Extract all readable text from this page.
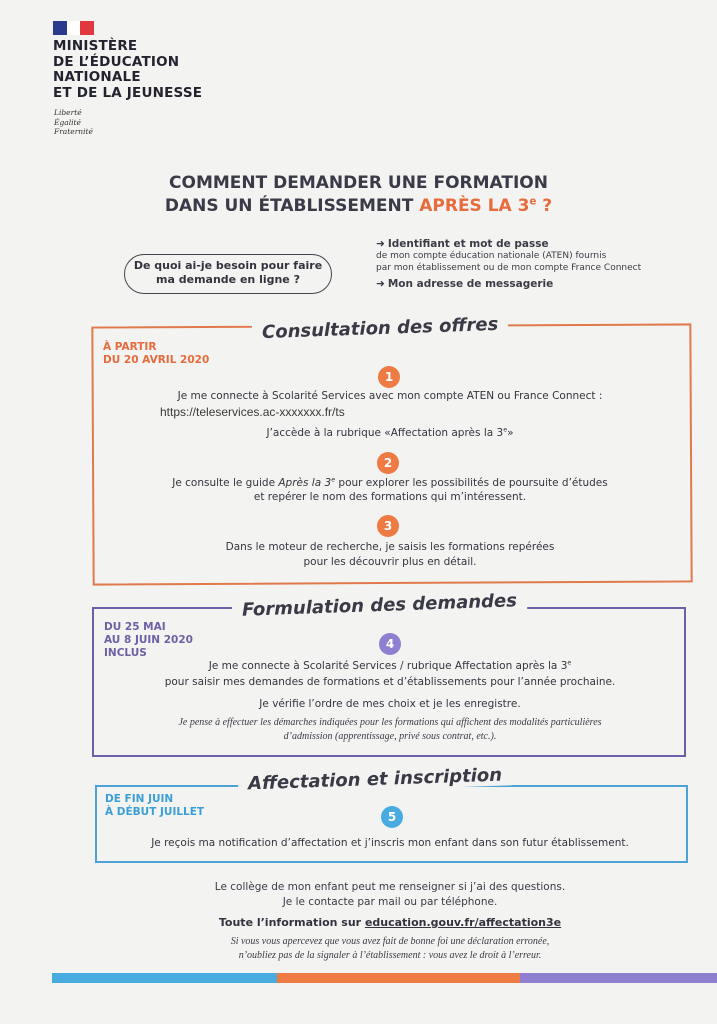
MINISTÈRE
DE L’ÉDUCATION
NATIONALE
ET DE LA JEUNESSE
Liberté
Égalité
Fraternité
COMMENT DEMANDER UNE FORMATION
DANS UN ÉTABLISSEMENT APRÈS LA 3e ?
De quoi ai-je besoin pour faire ma demande en ligne ?
➜ Identifiant et mot de passe
de mon compte éducation nationale (ATEN) fournis
par mon établissement ou de mon compte France Connect
➜ Mon adresse de messagerie
Consultation des offres
À PARTIR
DU 20 AVRIL 2020
1
Je me connecte à Scolarité Services avec mon compte ATEN ou France Connect :
https://teleservices.ac-xxxxxxx.fr/ts
J’accède à la rubrique «Affectation après la 3e»
2
Je consulte le guide Après la 3e pour explorer les possibilités de poursuite d’études
et repérer le nom des formations qui m’intéressent.
3
Dans le moteur de recherche, je saisis les formations repérées
pour les découvrir plus en détail.
Formulation des demandes
DU 25 MAI
AU 8 JUIN 2020
INCLUS
4
Je me connecte à Scolarité Services / rubrique Affectation après la 3e
pour saisir mes demandes de formations et d’établissements pour l’année prochaine.
Je vérifie l’ordre de mes choix et je les enregistre.
Je pense à effectuer les démarches indiquées pour les formations qui affichent des modalités particulières
d’admission (apprentissage, privé sous contrat, etc.).
Affectation et inscription
DE FIN JUIN
À DÉBUT JUILLET	5
Je reçois ma notification d’affectation et j’inscris mon enfant dans son futur établissement.
Le collège de mon enfant peut me renseigner si j’ai des questions.
Je le contacte par mail ou par téléphone.
Toute l’information sur education.gouv.fr/affectation3e
Si vous vous apercevez que vous avez fait de bonne foi une déclaration erronée,
n’oubliez pas de la signaler à l’établissement : vous avez le droit à l’erreur.
